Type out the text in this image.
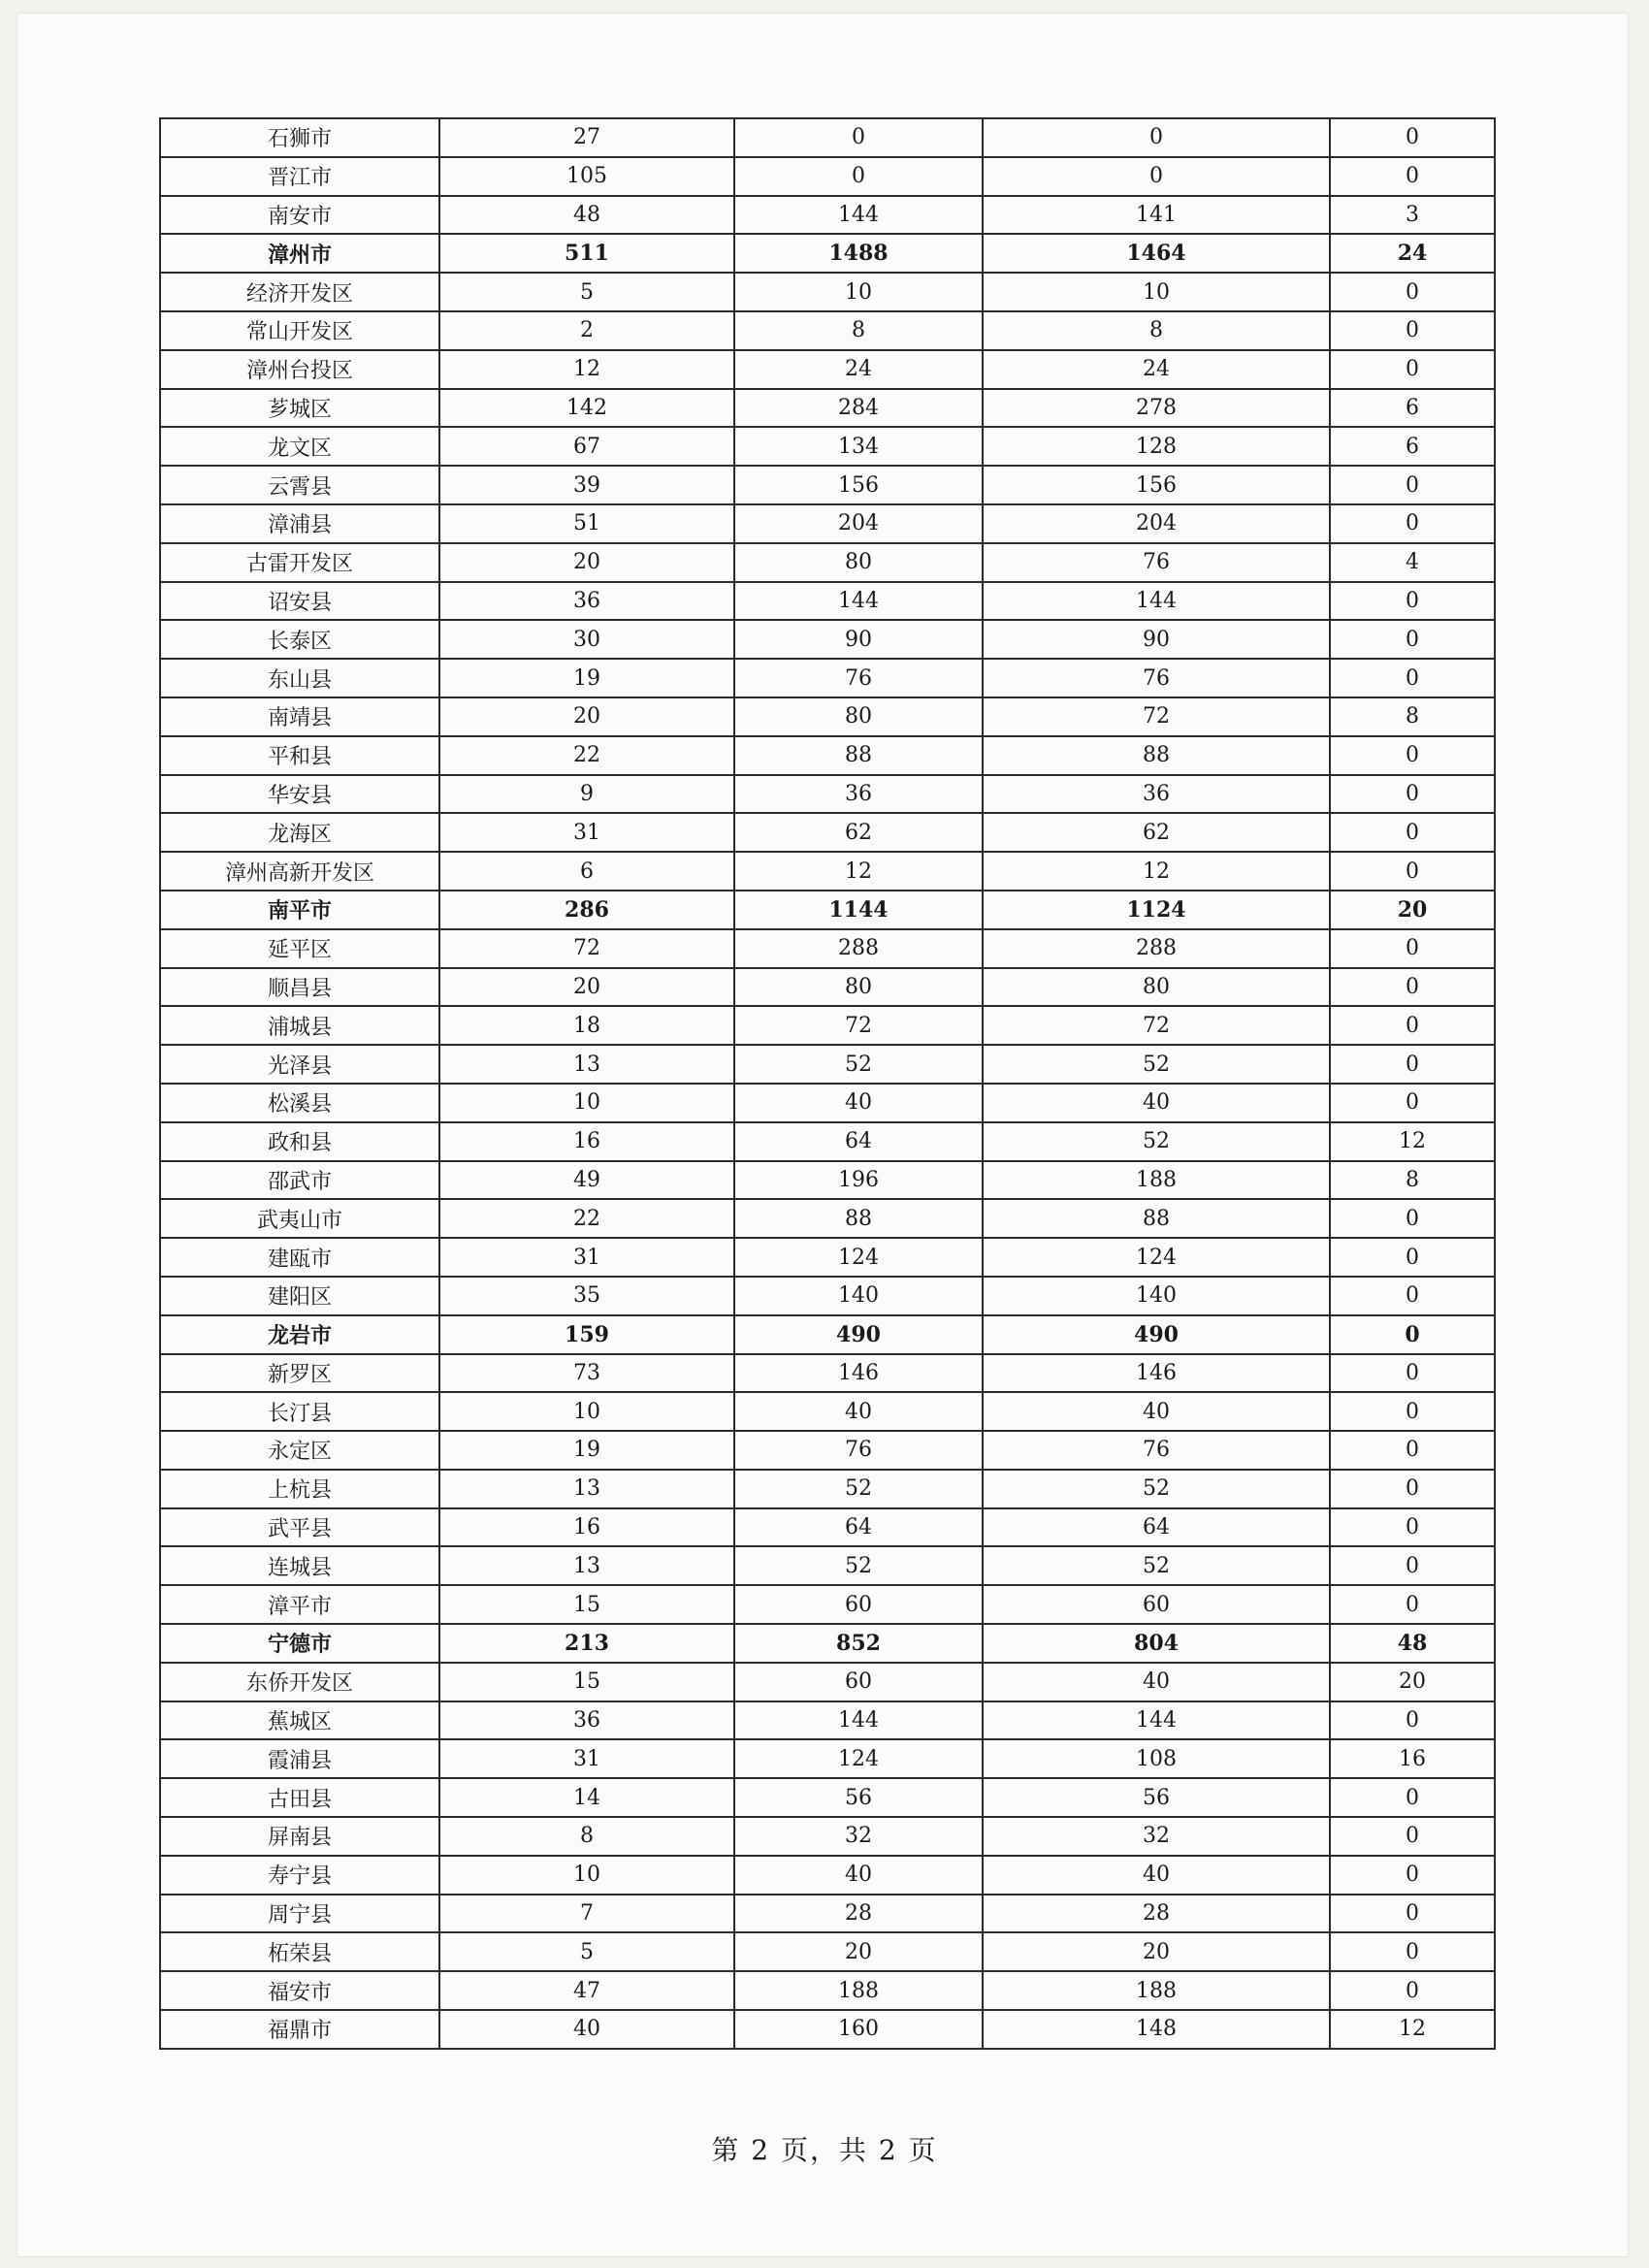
石狮市	27	0	0	0
晋江市	105	0	0	0
南安市	48	144	141	3
漳州市	511	1488	1464	24
经济开发区	5	10	10	0
常山开发区	2	8	8	0
漳州台投区	12	24	24	0
芗城区	142	284	278	6
龙文区	67	134	128	6
云霄县	39	156	156	0
漳浦县	51	204	204	0
古雷开发区	20	80	76	4
诏安县	36	144	144	0
长泰区	30	90	90	0
东山县	19	76	76	0
南靖县	20	80	72	8
平和县	22	88	88	0
华安县	9	36	36	0
龙海区	31	62	62	0
漳州高新开发区	6	12	12	0
南平市	286	1144	1124	20
延平区	72	288	288	0
顺昌县	20	80	80	0
浦城县	18	72	72	0
光泽县	13	52	52	0
松溪县	10	40	40	0
政和县	16	64	52	12
邵武市	49	196	188	8
武夷山市	22	88	88	0
建瓯市	31	124	124	0
建阳区	35	140	140	0
龙岩市	159	490	490	0
新罗区	73	146	146	0
长汀县	10	40	40	0
永定区	19	76	76	0
上杭县	13	52	52	0
武平县	16	64	64	0
连城县	13	52	52	0
漳平市	15	60	60	0
宁德市	213	852	804	48
东侨开发区	15	60	40	20
蕉城区	36	144	144	0
霞浦县	31	124	108	16
古田县	14	56	56	0
屏南县	8	32	32	0
寿宁县	10	40	40	0
周宁县	7	28	28	0
柘荣县	5	20	20	0
福安市	47	188	188	0
福鼎市	40	160	148	12
第 2 页，共 2 页
